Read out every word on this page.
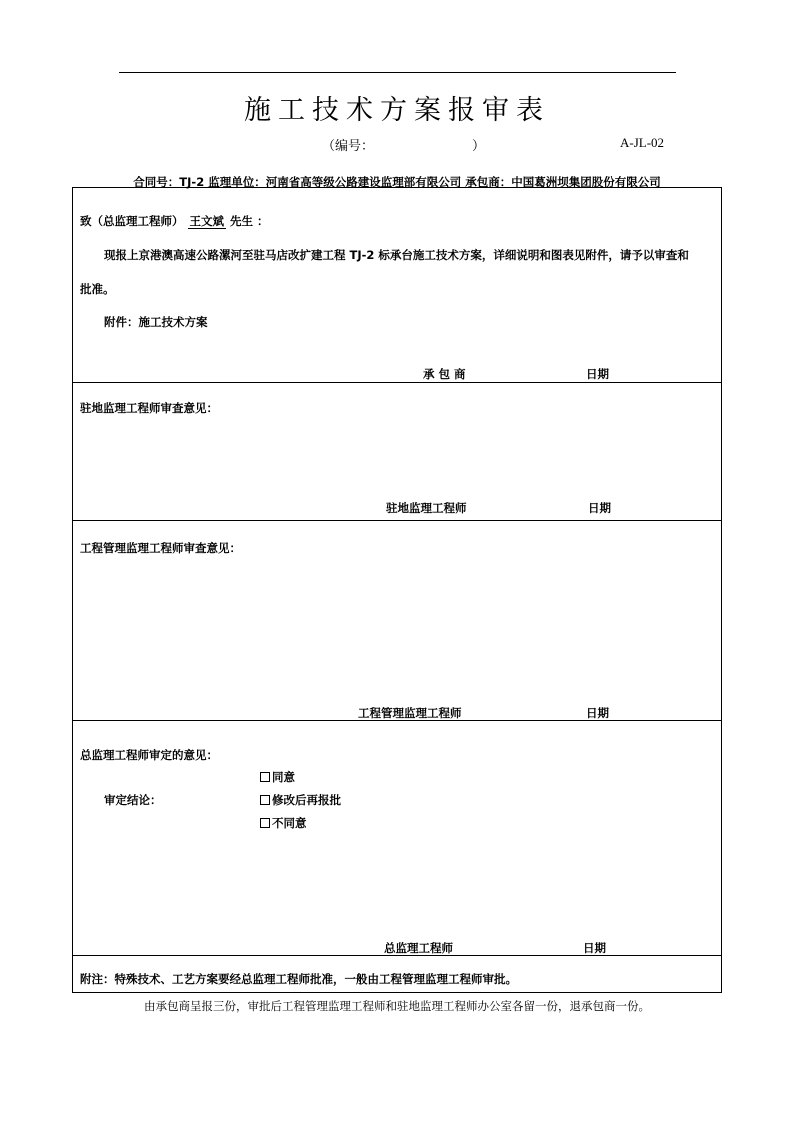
施工技术方案报审表
（编号：	）	A-JL-02
合同号：TJ-2 监理单位：河南省高等级公路建设监理部有限公司 承包商：中国葛洲坝集团股份有限公司
致（总监理工程师） 王文斌 先生 ：
现报上京港澳高速公路漯河至驻马店改扩建工程 TJ-2 标承台施工技术方案，详细说明和图表见附件，请予以审查和
批准。
附件：施工技术方案
承 包 商	日期
驻地监理工程师审查意见：
驻地监理工程师	日期
工程管理监理工程师审查意见：
工程管理监理工程师	日期
总监理工程师审定的意见：
同意
审定结论：	修改后再报批
不同意
总监理工程师	日期
附注：特殊技术、工艺方案要经总监理工程师批准，一般由工程管理监理工程师审批。
由承包商呈报三份，审批后工程管理监理工程师和驻地监理工程师办公室各留一份，退承包商一份。
